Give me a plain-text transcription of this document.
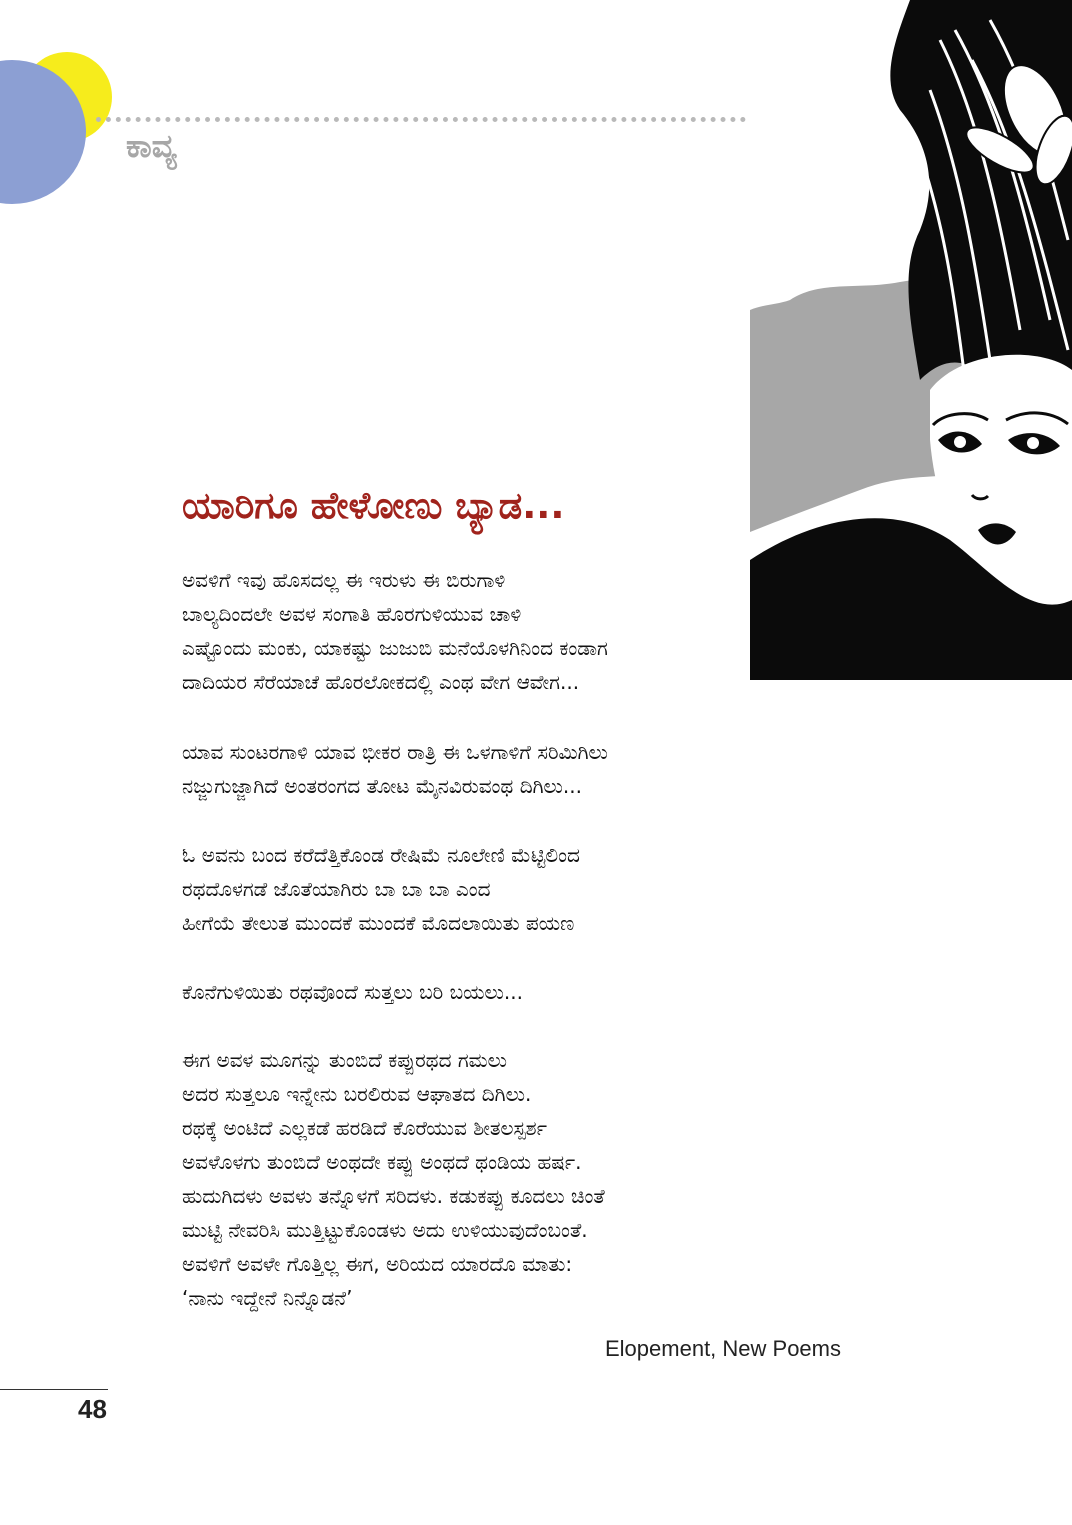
ಕಾವ್ಯ
ಯಾರಿಗೂ ಹೇಳೋಣು ಬ್ಯಾಡ...
ಅವಳಿಗೆ ಇವು ಹೊಸದಲ್ಲ ಈ ಇರುಳು ಈ ಬಿರುಗಾಳಿ
ಬಾಲ್ಯದಿಂದಲೇ ಅವಳ ಸಂಗಾತಿ ಹೊರಗುಳಿಯುವ ಚಾಳಿ
ಎಷ್ಟೊಂದು ಮಂಕು, ಯಾಕಷ್ಟು ಜುಜುಬಿ ಮನೆಯೊಳಗಿನಿಂದ ಕಂಡಾಗ
ದಾದಿಯರ ಸೆರೆಯಾಚೆ ಹೊರಲೋಕದಲ್ಲಿ ಎಂಥ ವೇಗ ಆವೇಗ...
ಯಾವ ಸುಂಟರಗಾಳಿ ಯಾವ ಭೀಕರ ರಾತ್ರಿ ಈ ಒಳಗಾಳಿಗೆ ಸರಿಮಿಗಿಲು
ನಜ್ಜುಗುಜ್ಜಾಗಿದೆ ಅಂತರಂಗದ ತೋಟ ಮೈನವಿರುವಂಥ ದಿಗಿಲು...
ಓ ಅವನು ಬಂದ ಕರೆದೆತ್ತಿಕೊಂಡ ರೇಷಿಮೆ ನೂಲೇಣಿ ಮೆಟ್ಟಿಲಿಂದ
ರಥದೊಳಗಡೆ ಜೊತೆಯಾಗಿರು ಬಾ ಬಾ ಬಾ ಎಂದ
ಹೀಗೆಯೆ ತೇಲುತ ಮುಂದಕೆ ಮುಂದಕೆ ಮೊದಲಾಯಿತು ಪಯಣ
ಕೊನೆಗುಳಿಯಿತು ರಥವೊಂದೆ ಸುತ್ತಲು ಬರಿ ಬಯಲು...
ಈಗ ಅವಳ ಮೂಗನ್ನು ತುಂಬಿದೆ ಕಪ್ಪುರಥದ ಗಮಲು
ಅದರ ಸುತ್ತಲೂ ಇನ್ನೇನು ಬರಲಿರುವ ಆಘಾತದ ದಿಗಿಲು.
ರಥಕ್ಕೆ ಅಂಟಿದೆ ಎಲ್ಲಕಡೆ ಹರಡಿದೆ ಕೊರೆಯುವ ಶೀತಲಸ್ಪರ್ಶ
ಅವಳೊಳಗು ತುಂಬಿದೆ ಅಂಥದೇ ಕಪ್ಪು ಅಂಥದೆ ಥಂಡಿಯ ಹರ್ಷ.
ಹುದುಗಿದಳು ಅವಳು ತನ್ನೊಳಗೆ ಸರಿದಳು. ಕಡುಕಪ್ಪು ಕೂದಲು ಚಿಂತೆ
ಮುಟ್ಟಿ ನೇವರಿಸಿ ಮುತ್ತಿಟ್ಟುಕೊಂಡಳು ಅದು ಉಳಿಯುವುದೆಂಬಂತೆ.
ಅವಳಿಗೆ ಅವಳೇ ಗೊತ್ತಿಲ್ಲ ಈಗ, ಅರಿಯದ ಯಾರದೊ ಮಾತು:
‘ನಾನು ಇದ್ದೇನೆ ನಿನ್ನೊಡನೆ’
Elopement, New Poems
48
